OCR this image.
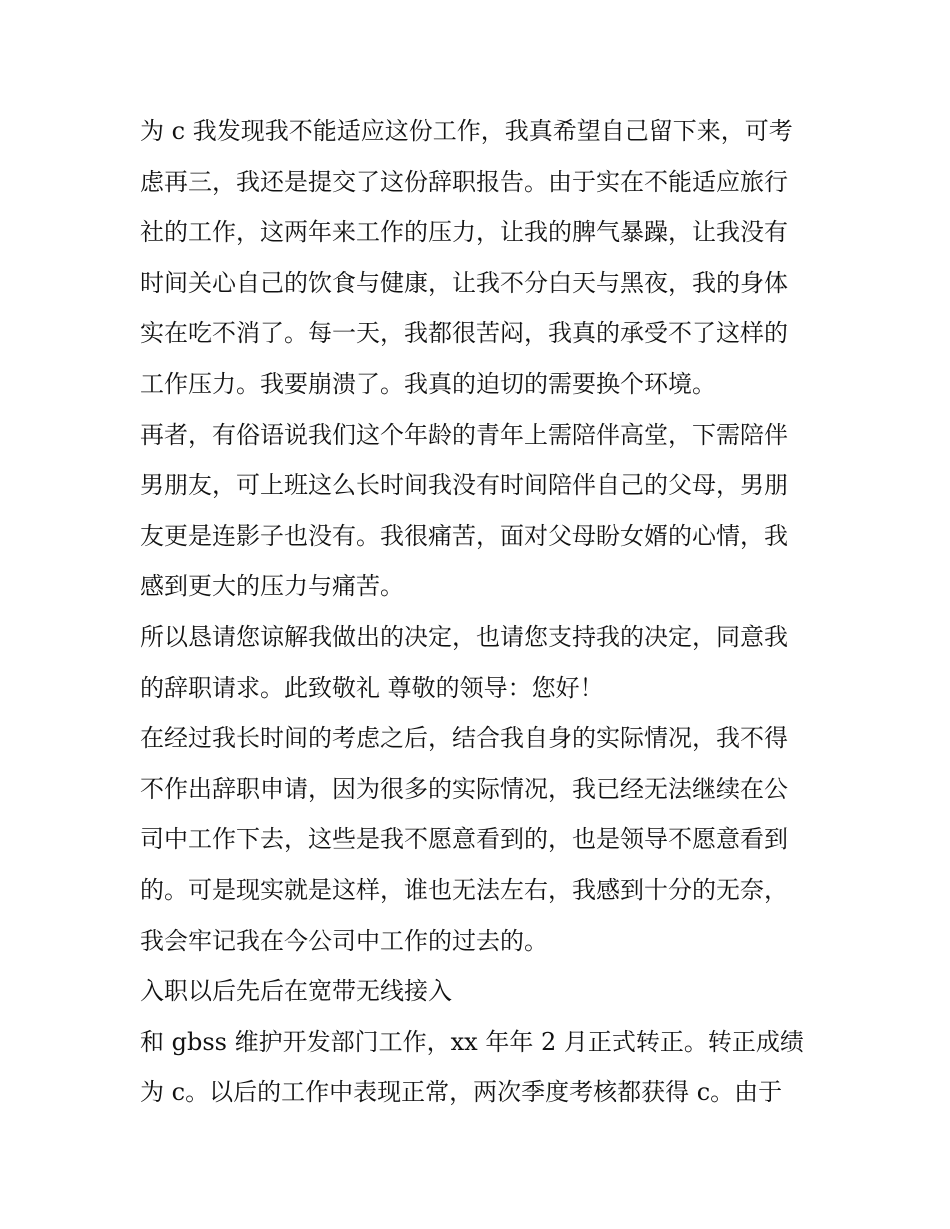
为 c 我发现我不能适应这份工作，我真希望自己留下来，可考
虑再三，我还是提交了这份辞职报告。由于实在不能适应旅行
社的工作，这两年来工作的压力，让我的脾气暴躁，让我没有
时间关心自己的饮食与健康，让我不分白天与黑夜，我的身体
实在吃不消了。每一天，我都很苦闷，我真的承受不了这样的
工作压力。我要崩溃了。我真的迫切的需要换个环境。
再者，有俗语说我们这个年龄的青年上需陪伴高堂，下需陪伴
男朋友，可上班这么长时间我没有时间陪伴自己的父母，男朋
友更是连影子也没有。我很痛苦，面对父母盼女婿的心情，我
感到更大的压力与痛苦。
所以恳请您谅解我做出的决定，也请您支持我的决定，同意我
的辞职请求。此致敬礼 尊敬的领导：您好！
在经过我长时间的考虑之后，结合我自身的实际情况，我不得
不作出辞职申请，因为很多的实际情况，我已经无法继续在公
司中工作下去，这些是我不愿意看到的，也是领导不愿意看到
的。可是现实就是这样，谁也无法左右，我感到十分的无奈，
我会牢记我在今公司中工作的过去的。
入职以后先后在宽带无线接入
和 gbss 维护开发部门工作，xx 年年 2 月正式转正。转正成绩
为 c。以后的工作中表现正常，两次季度考核都获得 c。由于
